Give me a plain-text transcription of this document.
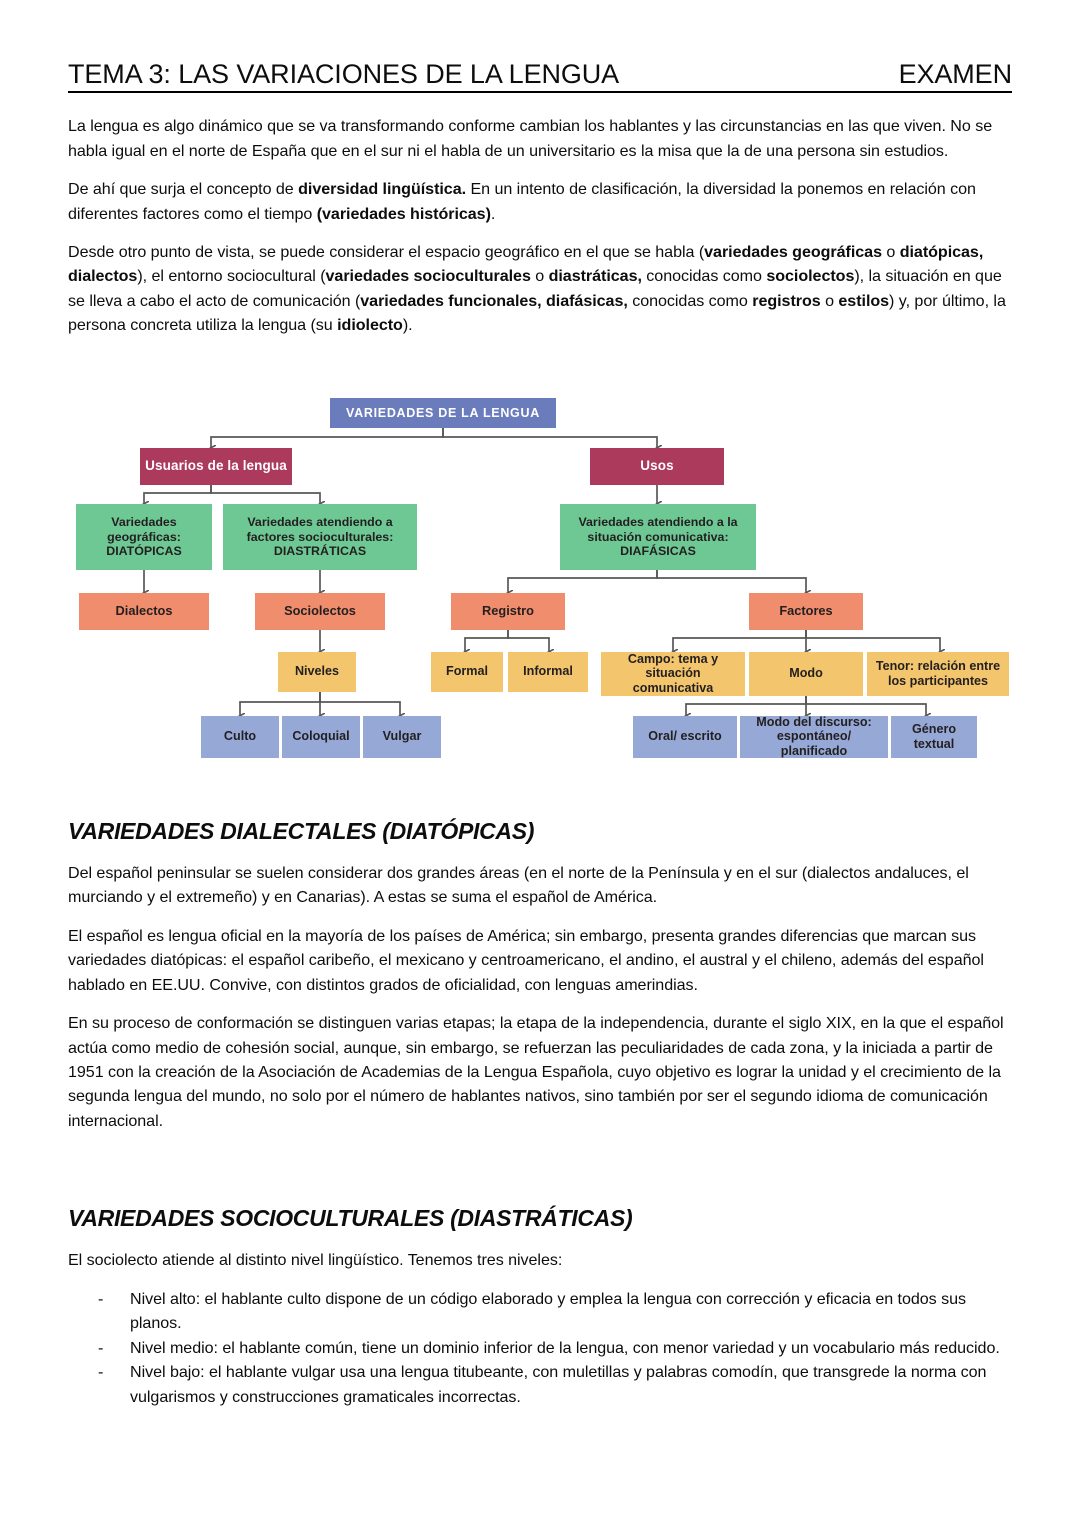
TEMA 3: LAS VARIACIONES DE LA LENGUA	EXAMEN

La lengua es algo dinámico que se va transformando conforme cambian los hablantes y las circunstancias en las que viven. No se habla igual en el norte de España que en el sur ni el habla de un universitario es la misa que la de una persona sin estudios.

De ahí que surja el concepto de diversidad lingüística. En un intento de clasificación, la diversidad la ponemos en relación con diferentes factores como el tiempo (variedades históricas).

Desde otro punto de vista, se puede considerar el espacio geográfico en el que se habla (variedades geográficas o diatópicas, dialectos), el entorno sociocultural (variedades socioculturales o diastráticas, conocidas como sociolectos), la situación en que se lleva a cabo el acto de comunicación (variedades funcionales, diafásicas, conocidas como registros o estilos) y, por último, la persona concreta utiliza la lengua (su idiolecto).

VARIEDADES DE LA LENGUA
Usuarios de la lengua	Usos
Variedades geográficas:
DIATÓPICAS
Variedades atendiendo a
factores socioculturales:
DIASTRÁTICAS
Variedades atendiendo a la
situación comunicativa:
DIAFÁSICAS
Dialectos	Sociolectos	Registro	Factores
Niveles	Formal	Informal
Campo: tema y
situación comunicativa
Modo
Tenor: relación entre
los participantes
Culto	Coloquial	Vulgar	Oral/ escrito
Modo del discurso:
espontáneo/ planificado
Género
textual
VARIEDADES DIALECTALES (DIATÓPICAS)

Del español peninsular se suelen considerar dos grandes áreas (en el norte de la Península y en el sur (dialectos andaluces, el murciando y el extremeño) y en Canarias). A estas se suma el español de América.

El español es lengua oficial en la mayoría de los países de América; sin embargo, presenta grandes diferencias que marcan sus variedades diatópicas: el español caribeño, el mexicano y centroamericano, el andino, el austral y el chileno, además del español hablado en EE.UU. Convive, con distintos grados de oficialidad, con lenguas amerindias.

En su proceso de conformación se distinguen varias etapas; la etapa de la independencia, durante el siglo XIX, en la que el español actúa como medio de cohesión social, aunque, sin embargo, se refuerzan las peculiaridades de cada zona, y la iniciada a partir de 1951 con la creación de la Asociación de Academias de la Lengua Española, cuyo objetivo es lograr la unidad y el crecimiento de la segunda lengua del mundo, no solo por el número de hablantes nativos, sino también por ser el segundo idioma de comunicación internacional.

VARIEDADES SOCIOCULTURALES (DIASTRÁTICAS)

El sociolecto atiende al distinto nivel lingüístico. Tenemos tres niveles:

- Nivel alto: el hablante culto dispone de un código elaborado y emplea la lengua con corrección y eficacia en todos sus planos.
- Nivel medio: el hablante común, tiene un dominio inferior de la lengua, con menor variedad y un vocabulario más reducido.
- Nivel bajo: el hablante vulgar usa una lengua titubeante, con muletillas y palabras comodín, que transgrede la norma con vulgarismos y construcciones gramaticales incorrectas.
